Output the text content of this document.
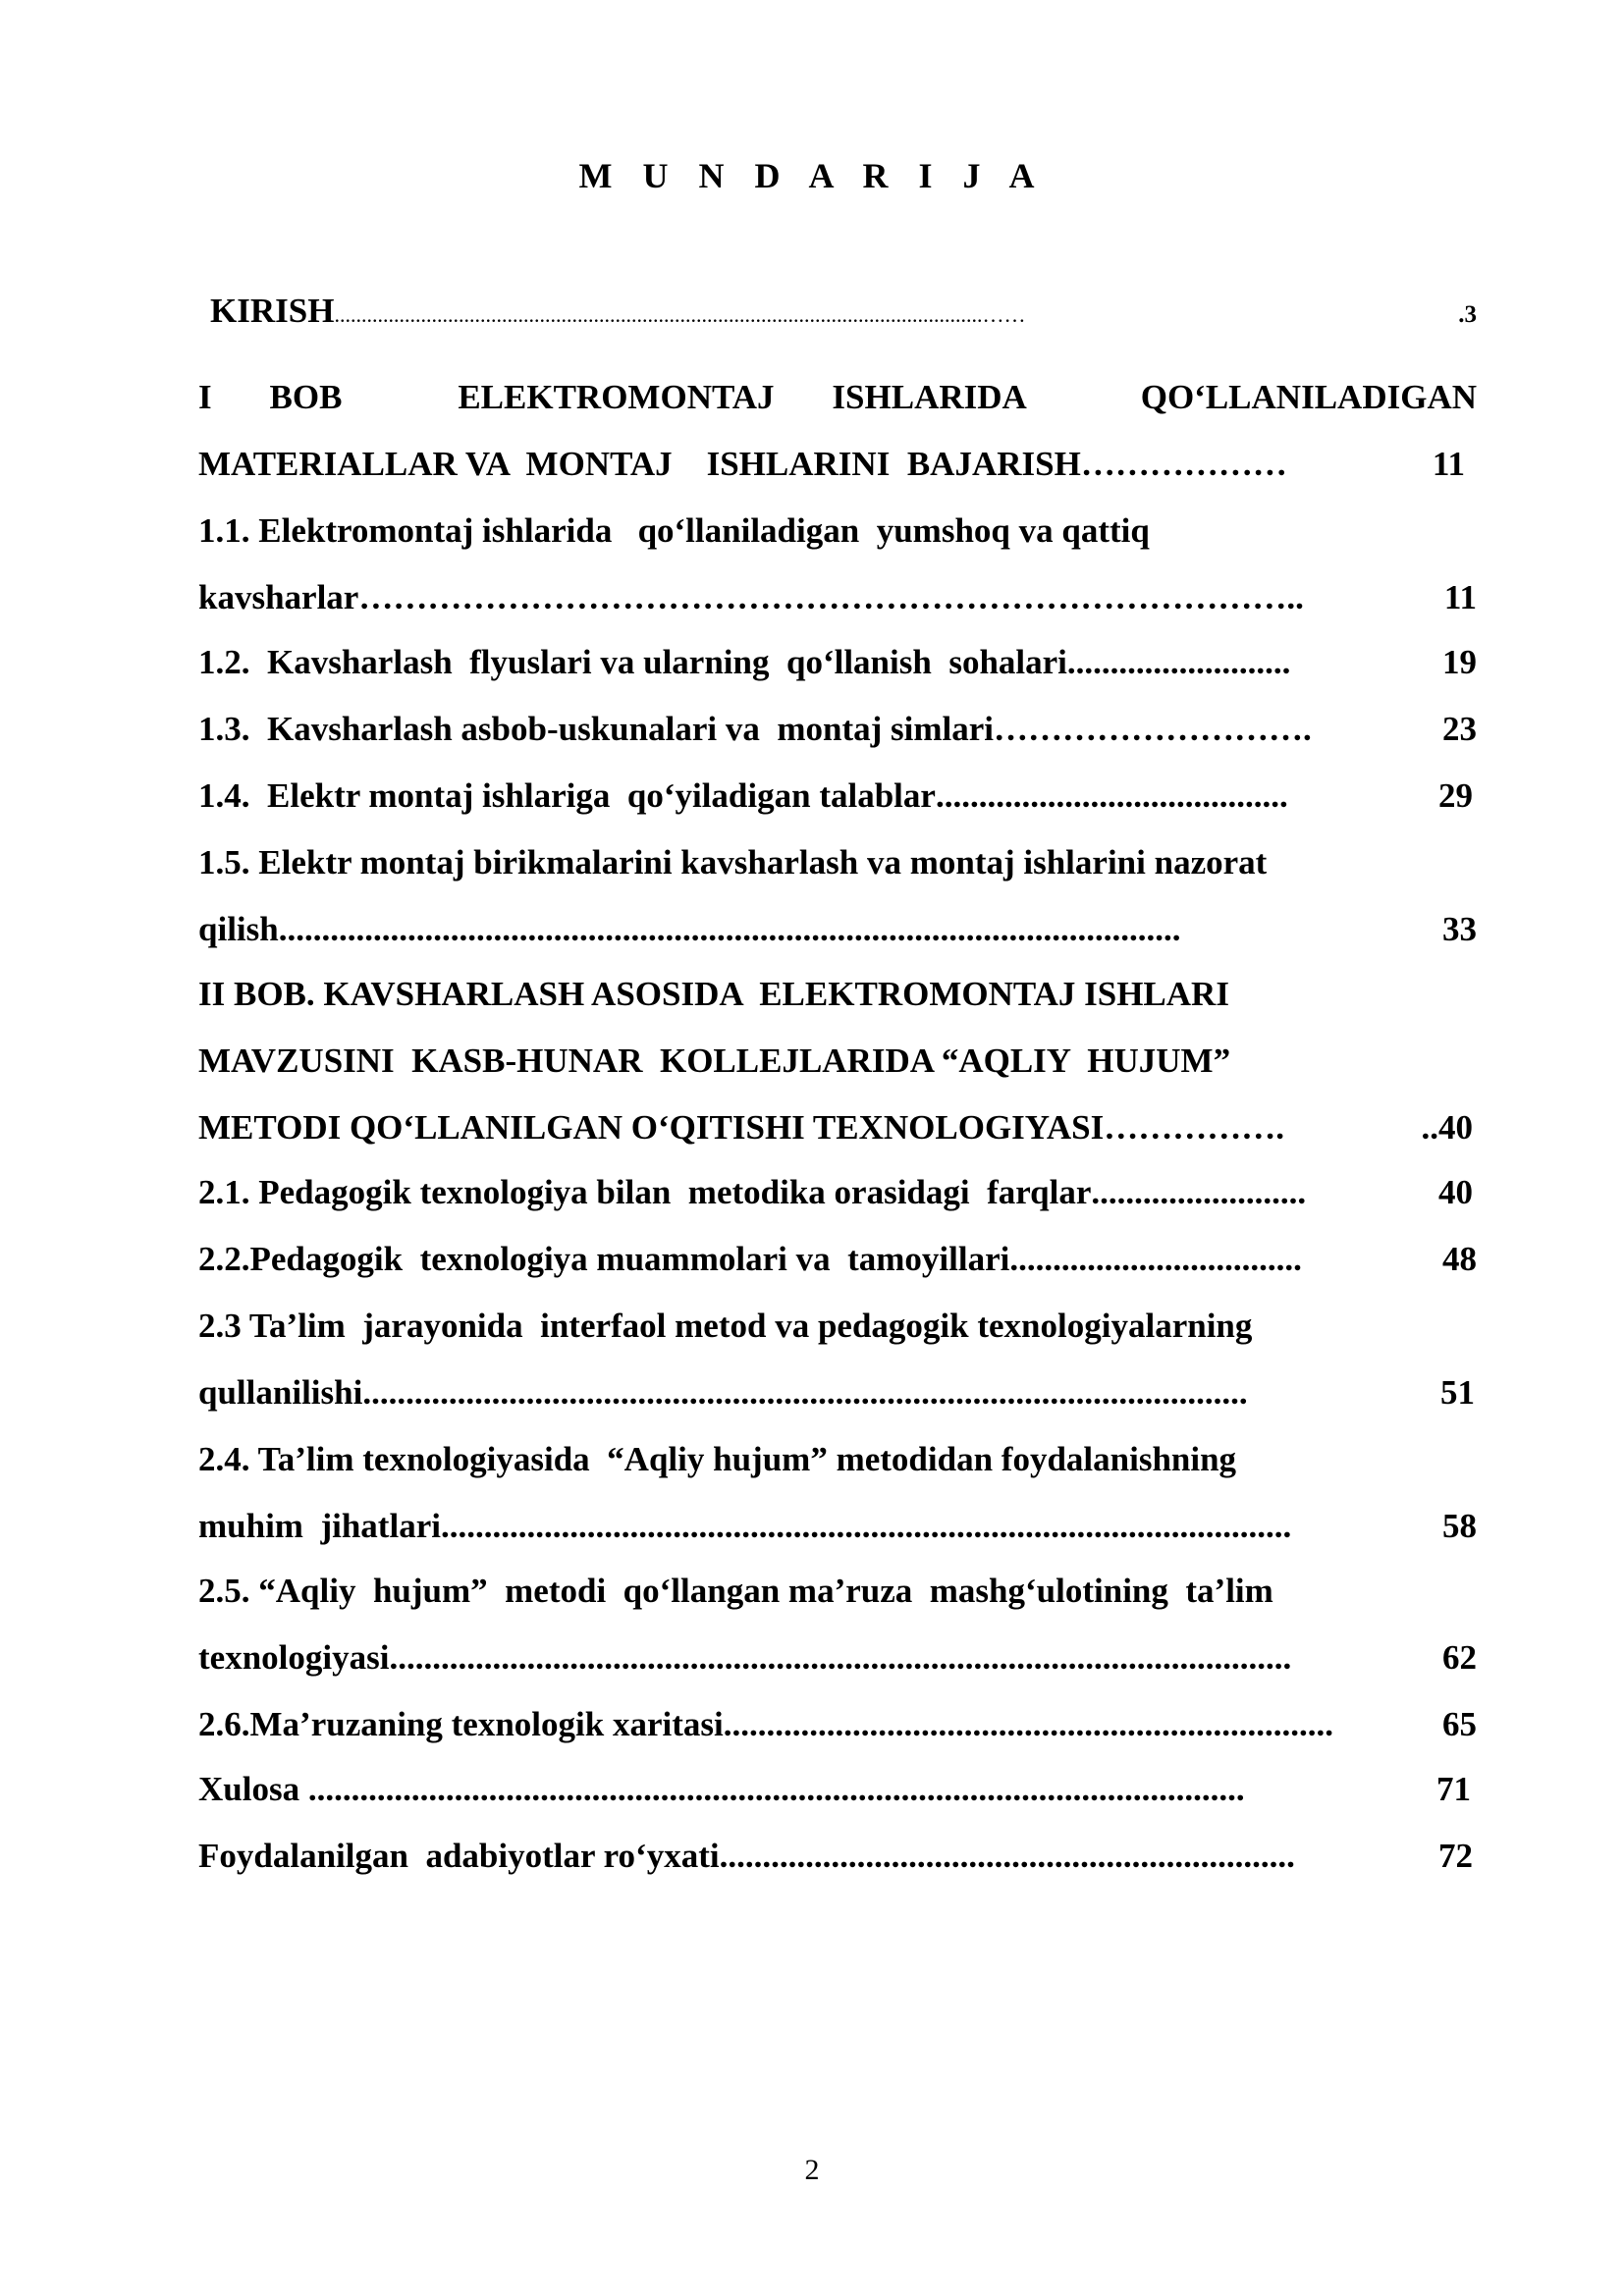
M U N D A R I J A
KIRISH ........................................................................................................................……	.3
I    BOB        ELEKTROMONTAJ    ISHLARIDA        QO‘LLANILADIGAN
MATERIALLAR VA  MONTAJ    ISHLARINI  BAJARISH ………………	11
1.1. Elektromontaj ishlarida   qo‘llaniladigan  yumshoq va qattiq
kavsharlar ………………………………………………………………………..	11
1.2.  Kavsharlash  flyuslari va ularning  qo‘llanish  sohalari ..........................	19
1.3.  Kavsharlash asbob-uskunalari va  montaj simlari ……………………….	23
1.4.  Elektr montaj ishlariga  qo‘yiladigan talablar .........................................	29
1.5. Elektr montaj birikmalarini kavsharlash va montaj ishlarini nazorat
qilish .........................................................................................................	33
II BOB. KAVSHARLASH ASOSIDA  ELEKTROMONTAJ ISHLARI
MAVZUSINI  KASB-HUNAR  KOLLEJLARIDA “AQLIY  HUJUM”
METODI QO‘LLANILGAN O‘QITISHI TEXNOLOGIYASI …………….	..40
2.1. Pedagogik texnologiya bilan  metodika orasidagi  farqlar .........................	40
2.2.Pedagogik  texnologiya muammolari va  tamoyillari ..................................	48
2.3 Ta’lim  jarayonida  interfaol metod va pedagogik texnologiyalarning
qullanilishi .......................................................................................................	51
2.4. Ta’lim texnologiyasida  “Aqliy hujum” metodidan foydalanishning
muhim  jihatlari ...................................................................................................	58
2.5. “Aqliy  hujum”  metodi  qo‘llangan ma’ruza  mashg‘ulotining  ta’lim
texnologiyasi .........................................................................................................	62
2.6.Ma’ruzaning texnologik xaritasi .......................................................................	65
Xulosa .............................................................................................................	71
Foydalanilgan  adabiyotlar ro‘yxati ...................................................................	72
2
